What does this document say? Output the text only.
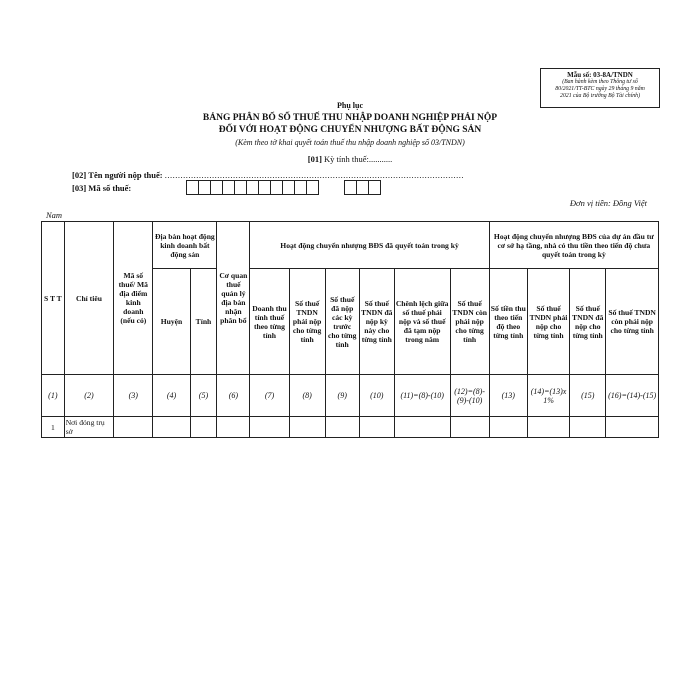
Mẫu số: 03-8A/TNDN
(Ban hành kèm theo Thông tư số
80/2021/TT-BTC ngày 29 tháng 9 năm
2021 của Bộ trưởng Bộ Tài chính)
Phụ lục
BẢNG PHÂN BỔ SỐ THUẾ THU NHẬP DOANH NGHIỆP PHẢI NỘP
ĐỐI VỚI HOẠT ĐỘNG CHUYỂN NHƯỢNG BẤT ĐỘNG SẢN
(Kèm theo tờ khai quyết toán thuế thu nhập doanh nghiệp số 03/TNDN)
[01] Kỳ tính thuế:...........
[02] Tên người nộp thuế: ..................................................................................................................
[03] Mã số thuế:
Đơn vị tiền: Đồng Việt
Nam
S T T	Chỉ tiêu	Mã số thuế/ Mã địa điểm kinh doanh (nếu có)	Địa bàn hoạt động kinh doanh bất động sản		Cơ quan thuế quản lý địa bàn nhận phân bổ	Hoạt động chuyển nhượng BĐS đã quyết toán trong kỳ						Hoạt động chuyển nhượng BĐS của dự án đầu tư cơ sở hạ tầng, nhà có thu tiền theo tiến độ chưa quyết toán trong kỳ			
			Huyện	Tỉnh		Doanh thu tính thuế theo từng tỉnh	Số thuế TNDN phải nộp cho từng tỉnh	Số thuế đã nộp các kỳ trước cho từng tỉnh	Số thuế TNDN đã nộp kỳ này cho từng tỉnh	Chênh lệch giữa số thuế phải nộp và số thuế đã tạm nộp trong năm	Số thuế TNDN còn phải nộp cho từng tỉnh	Số tiền thu theo tiến độ theo từng tỉnh	Số thuế TNDN phải nộp cho từng tỉnh	Số thuế TNDN đã nộp cho từng tỉnh	Số thuế TNDN còn phải nộp cho từng tỉnh
(1)	(2)	(3)	(4)	(5)	(6)	(7)	(8)	(9)	(10)	(11)=(8)-(10)	(12)=(8)-(9)-(10)	(13)	(14)=(13)x 1%	(15)	(16)=(14)-(15)
1	Nơi đóng trụ sở														
